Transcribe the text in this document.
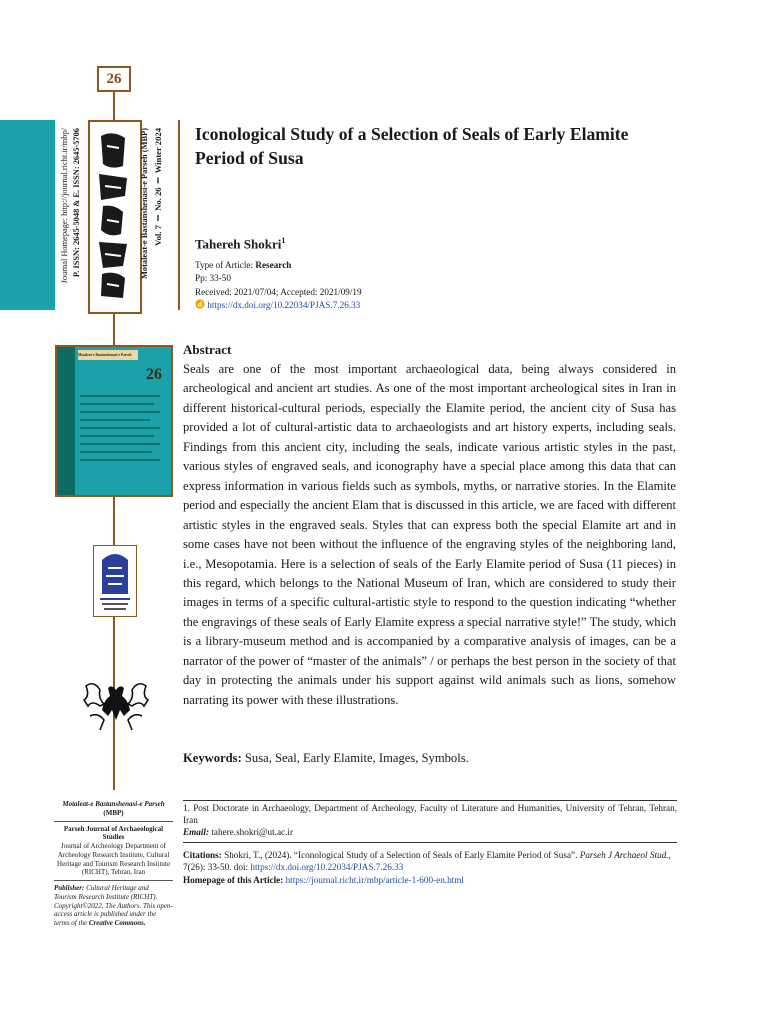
26
Journal Homepage: http://journal.richt.ir/mbp/ P. ISSN: 2645-5048 & E. ISSN: 2645-5706	Motaleat-e Bastanshenasi-e Parseh (MBP) Vol. 7 ‖ No. 26 ‖ Winter 2024
Motaleat-e Bastanshenasi-e Parseh
26
Motaleat-e Bastanshenasi-e Parseh
(MBP)
Parseh Journal of Archaeological Studies
Journal of Archeology Department of Archeology Research Institute, Cultural Heritage and Tourism Research Institute (RICHT), Tehran, Iran
Publisher: Cultural Heritage and Tourism Research Institute (RICHT). Copyright©2022, The Authors. This open-access article is published under the terms of the Creative Commons.
Iconological Study of a Selection of Seals of Early Elamite Period of Susa
Tahereh Shokri$^1$
Type of Article: Research
Pp: 33-50
Received: 2021/07/04; Accepted: 2021/09/19
d https://dx.doi.org/10.22034/PJAS.7.26.33
Abstract
Seals are one of the most important archaeological data, being always considered in archeological and ancient art studies. As one of the most important archeological sites in Iran in different historical-cultural periods, especially the Elamite period, the ancient city of Susa has provided a lot of cultural-artistic data to archaeologists and art history experts, including seals. Findings from this ancient city, including the seals, indicate various artistic styles in the past, various styles of engraved seals, and iconography have a special place among this data that can express information in various fields such as symbols, myths, or narrative stories. In the Elamite period and especially the ancient Elam that is discussed in this article, we are faced with different artistic styles in the engraved seals. Styles that can express both the special Elamite art and in some cases have not been without the influence of the engraving styles of the neighboring land, i.e., Mesopotamia. Here is a selection of seals of the Early Elamite period of Susa (11 pieces) in this regard, which belongs to the National Museum of Iran, which are considered to study their images in terms of a specific cultural-artistic style to respond to the question indicating “whether the engravings of these seals of Early Elamite express a special narrative style!” The study, which is a library-museum method and is accompanied by a comparative analysis of images, can be a narrator of the power of “master of the animals” / or perhaps the best person in the society of that day in protecting the animals under his support against wild animals such as lions, somehow narrating its power with these illustrations.
Keywords: Susa, Seal, Early Elamite, Images, Symbols.
1. Post Doctorate in Archaeology, Department of Archeology, Faculty of Literature and Humanities, University of Tehran, Tehran, Iran
Email: tahere.shokri@ut.ac.ir
Citations: Shokri, T., (2024). “Iconological Study of a Selection of Seals of Early Elamite Period of Susa”. Parseh J Archaeol Stud., 7(26): 33-50. doi: https://dx.doi.org/10.22034/PJAS.7.26.33
Homepage of this Article: https://journal.richt.ir/mbp/article-1-600-en.html
